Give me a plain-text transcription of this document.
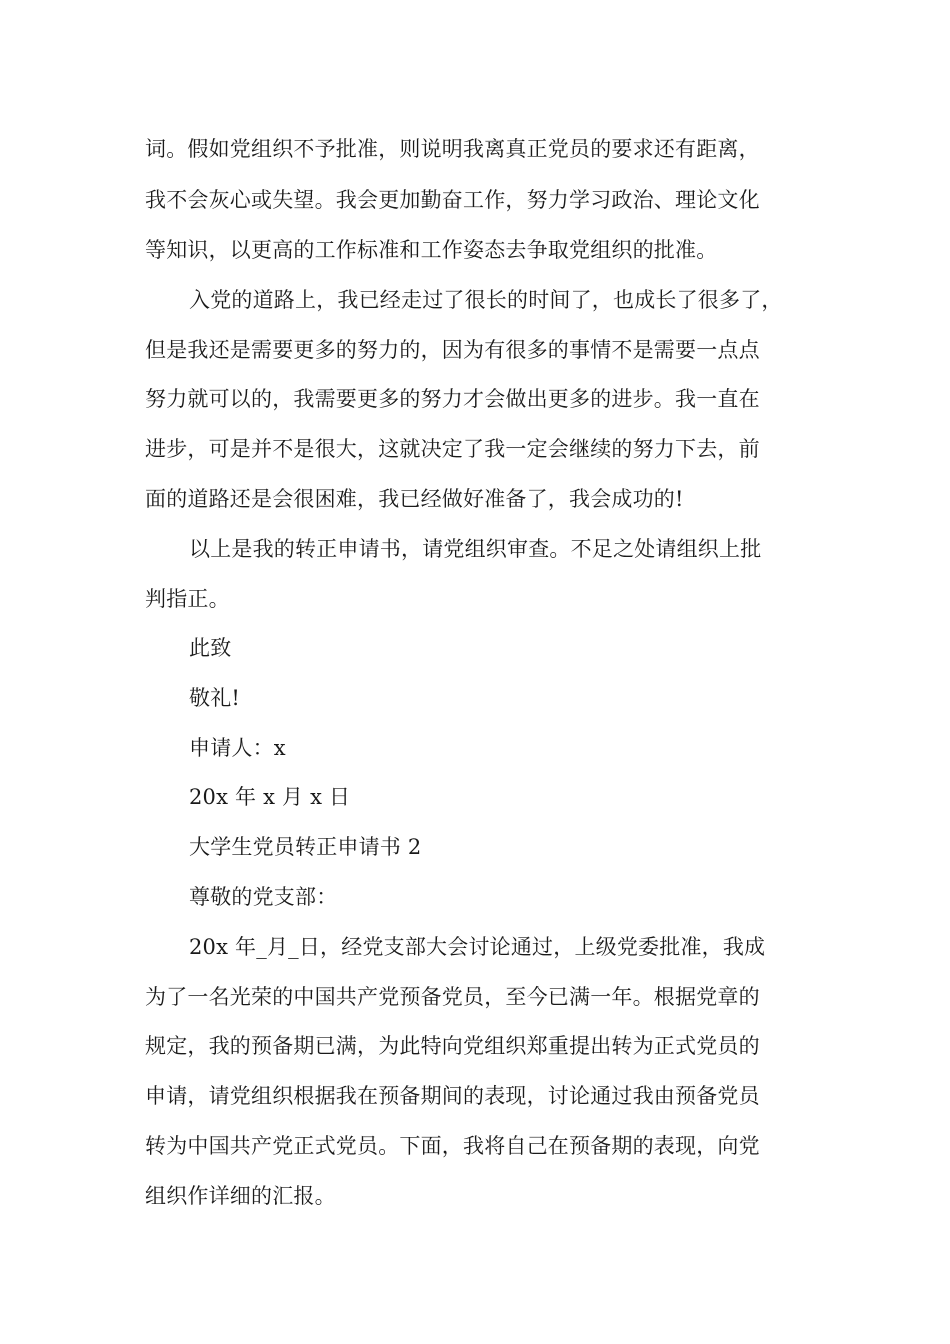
词。假如党组织不予批准，则说明我离真正党员的要求还有距离，
我不会灰心或失望。我会更加勤奋工作，努力学习政治、理论文化
等知识，以更高的工作标准和工作姿态去争取党组织的批准。
入党的道路上，我已经走过了很长的时间了，也成长了很多了，
但是我还是需要更多的努力的，因为有很多的事情不是需要一点点
努力就可以的，我需要更多的努力才会做出更多的进步。我一直在
进步，可是并不是很大，这就决定了我一定会继续的努力下去，前
面的道路还是会很困难，我已经做好准备了，我会成功的!
以上是我的转正申请书，请党组织审查。不足之处请组织上批
判指正。
此致
敬礼!
申请人：x
20x 年 x 月 x 日
大学生党员转正申请书 2
尊敬的党支部：
20x 年_月_日，经党支部大会讨论通过，上级党委批准，我成
为了一名光荣的中国共产党预备党员，至今已满一年。根据党章的
规定，我的预备期已满，为此特向党组织郑重提出转为正式党员的
申请，请党组织根据我在预备期间的表现，讨论通过我由预备党员
转为中国共产党正式党员。下面，我将自己在预备期的表现，向党
组织作详细的汇报。
